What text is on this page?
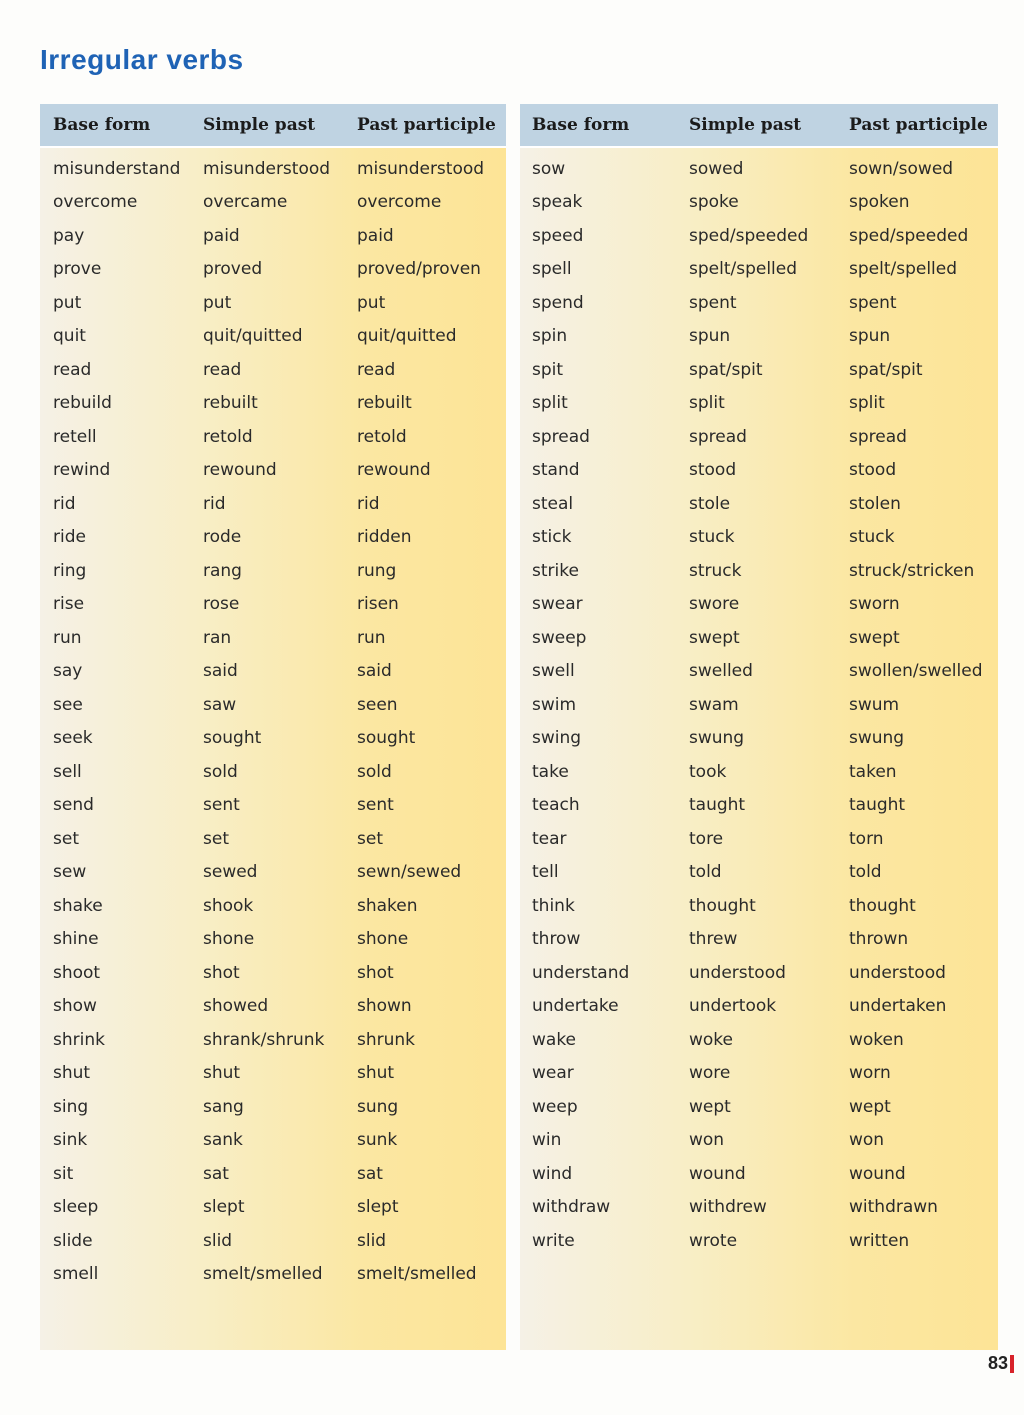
Irregular verbs
Base form	Simple past	Past participle
misunderstand	misunderstood	misunderstood
overcome	overcame	overcome
pay	paid	paid
prove	proved	proved/proven
put	put	put
quit	quit/quitted	quit/quitted
read	read	read
rebuild	rebuilt	rebuilt
retell	retold	retold
rewind	rewound	rewound
rid	rid	rid
ride	rode	ridden
ring	rang	rung
rise	rose	risen
run	ran	run
say	said	said
see	saw	seen
seek	sought	sought
sell	sold	sold
send	sent	sent
set	set	set
sew	sewed	sewn/sewed
shake	shook	shaken
shine	shone	shone
shoot	shot	shot
show	showed	shown
shrink	shrank/shrunk	shrunk
shut	shut	shut
sing	sang	sung
sink	sank	sunk
sit	sat	sat
sleep	slept	slept
slide	slid	slid
smell	smelt/smelled	smelt/smelled
Base form	Simple past	Past participle
sow	sowed	sown/sowed
speak	spoke	spoken
speed	sped/speeded	sped/speeded
spell	spelt/spelled	spelt/spelled
spend	spent	spent
spin	spun	spun
spit	spat/spit	spat/spit
split	split	split
spread	spread	spread
stand	stood	stood
steal	stole	stolen
stick	stuck	stuck
strike	struck	struck/stricken
swear	swore	sworn
sweep	swept	swept
swell	swelled	swollen/swelled
swim	swam	swum
swing	swung	swung
take	took	taken
teach	taught	taught
tear	tore	torn
tell	told	told
think	thought	thought
throw	threw	thrown
understand	understood	understood
undertake	undertook	undertaken
wake	woke	woken
wear	wore	worn
weep	wept	wept
win	won	won
wind	wound	wound
withdraw	withdrew	withdrawn
write	wrote	written
83
